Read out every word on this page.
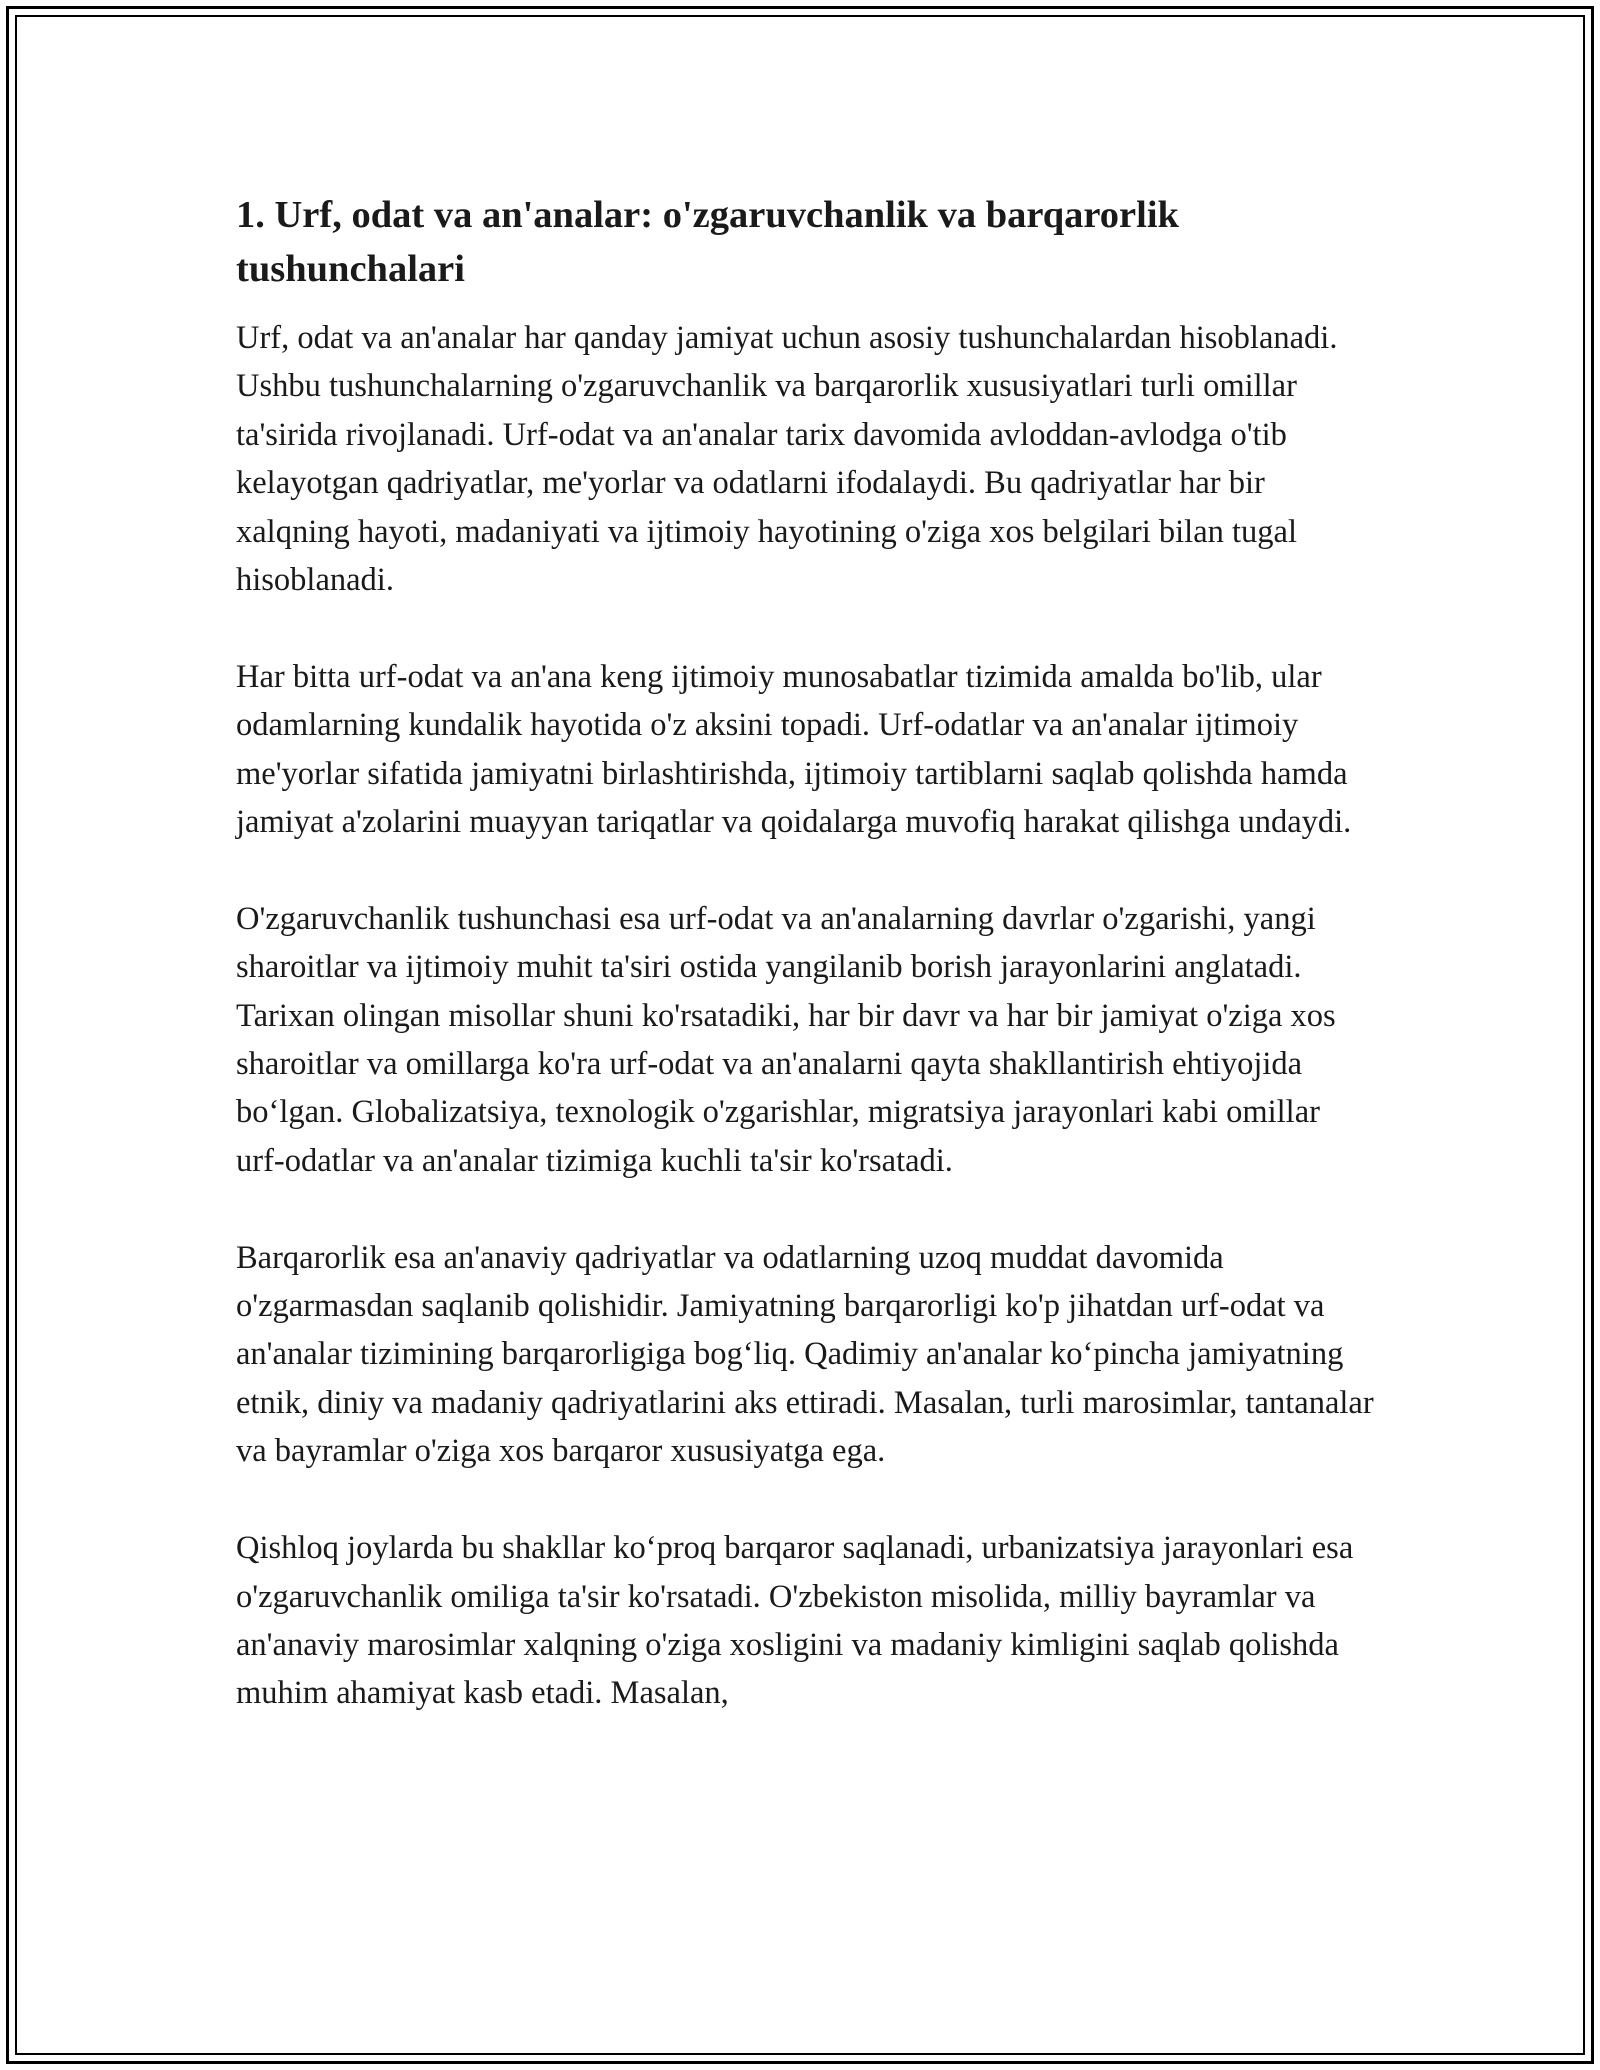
1. Urf, odat va an'analar: o'zgaruvchanlik va barqarorlik tushunchalari

Urf, odat va an'analar har qanday jamiyat uchun asosiy tushunchalardan hisoblanadi. Ushbu tushunchalarning o'zgaruvchanlik va barqarorlik xususiyatlari turli omillar ta'sirida rivojlanadi. Urf-odat va an'analar tarix davomida avloddan-avlodga o'tib kelayotgan qadriyatlar, me'yorlar va odatlarni ifodalaydi. Bu qadriyatlar har bir xalqning hayoti, madaniyati va ijtimoiy hayotining o'ziga xos belgilari bilan tugal hisoblanadi.

Har bitta urf-odat va an'ana keng ijtimoiy munosabatlar tizimida amalda bo'lib, ular odamlarning kundalik hayotida o'z aksini topadi. Urf-odatlar va an'analar ijtimoiy me'yorlar sifatida jamiyatni birlashtirishda, ijtimoiy tartiblarni saqlab qolishda hamda jamiyat a'zolarini muayyan tariqatlar va qoidalarga muvofiq harakat qilishga undaydi.

O'zgaruvchanlik tushunchasi esa urf-odat va an'analarning davrlar o'zgarishi, yangi sharoitlar va ijtimoiy muhit ta'siri ostida yangilanib borish jarayonlarini anglatadi. Tarixan olingan misollar shuni ko'rsatadiki, har bir davr va har bir jamiyat o'ziga xos sharoitlar va omillarga ko'ra urf-odat va an'analarni qayta shakllantirish ehtiyojida bo‘lgan. Globalizatsiya, texnologik o'zgarishlar, migratsiya jarayonlari kabi omillar urf-odatlar va an'analar tizimiga kuchli ta'sir ko'rsatadi.

Barqarorlik esa an'anaviy qadriyatlar va odatlarning uzoq muddat davomida o'zgarmasdan saqlanib qolishidir. Jamiyatning barqarorligi ko'p jihatdan urf-odat va an'analar tizimining barqarorligiga bog‘liq. Qadimiy an'analar ko‘pincha jamiyatning etnik, diniy va madaniy qadriyatlarini aks ettiradi. Masalan, turli marosimlar, tantanalar va bayramlar o'ziga xos barqaror xususiyatga ega.

Qishloq joylarda bu shakllar ko‘proq barqaror saqlanadi, urbanizatsiya jarayonlari esa o'zgaruvchanlik omiliga ta'sir ko'rsatadi. O'zbekiston misolida, milliy bayramlar va an'anaviy marosimlar xalqning o'ziga xosligini va madaniy kimligini saqlab qolishda muhim ahamiyat kasb etadi. Masalan,
